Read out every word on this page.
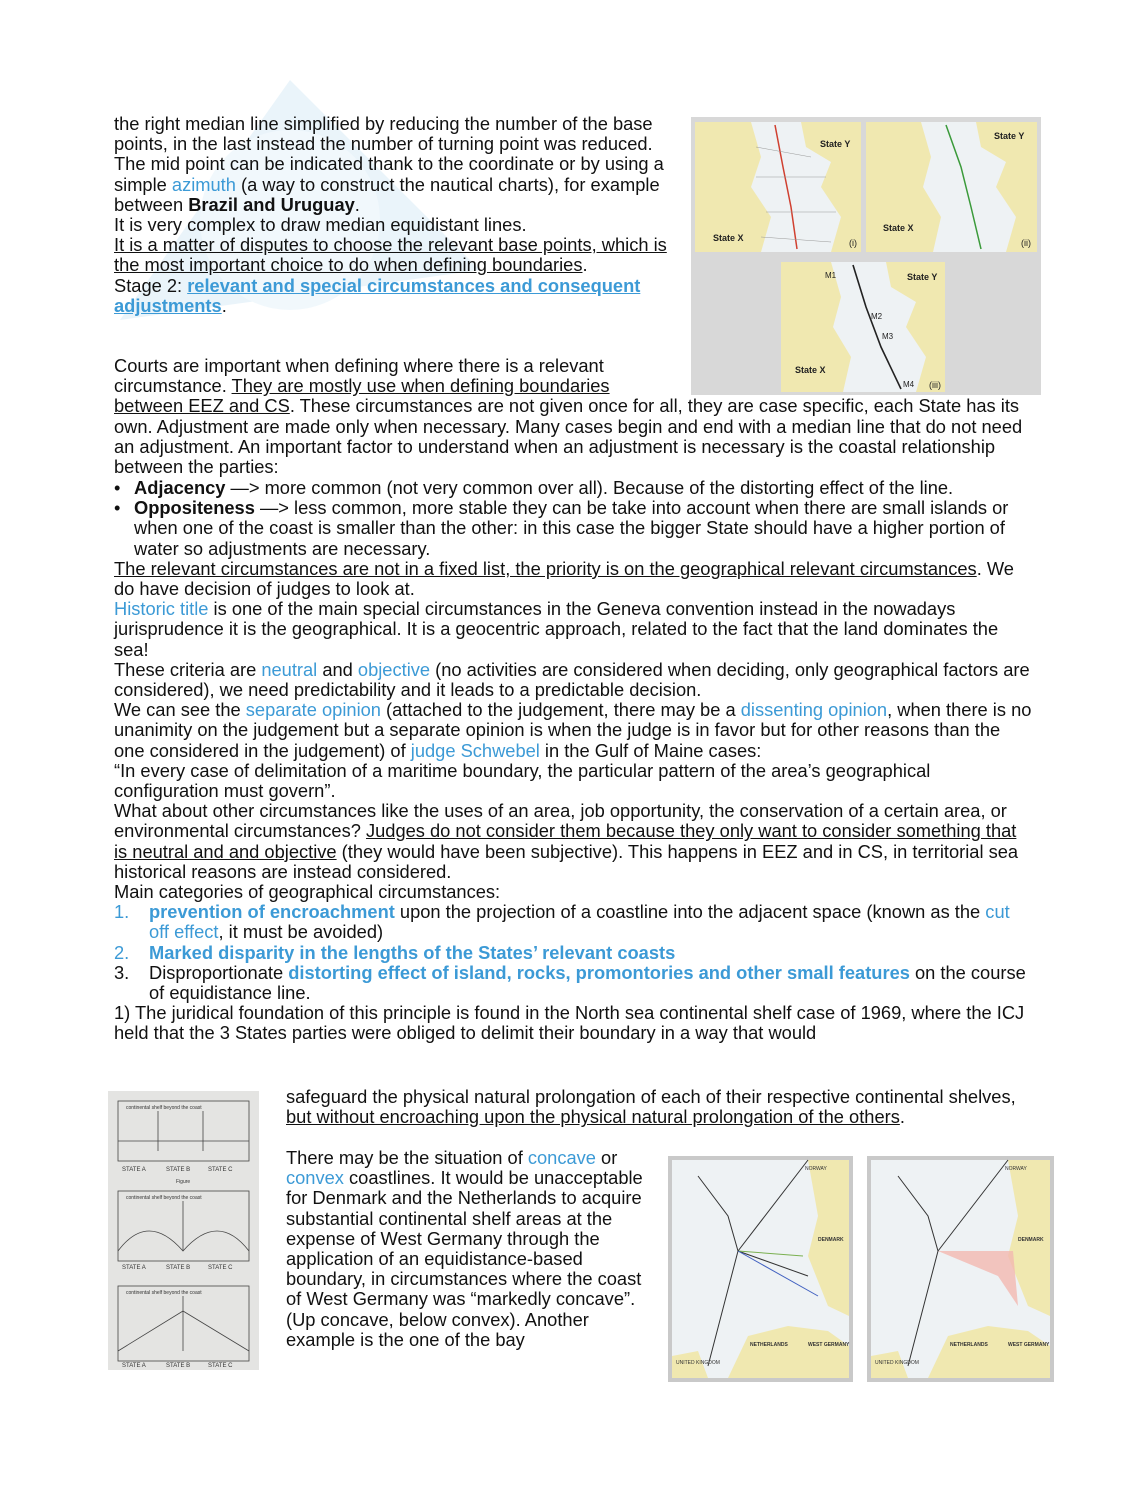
State Y
State X	(i)
State Y
State X
(ii)
State Y
State X
M1
M2
M3
M4 (iii)
continental shelf beyond the coast
continental shelf beyond the coast
continental shelf beyond the coast
STATE A	STATE B	STATE C
STATE A	STATE B	STATE C
STATE A	STATE B	STATE C
Figure
NORWAY
DENMARK
NETHERLANDS	WEST GERMANY
UNITED KINGDOM
NORWAY
DENMARK
NETHERLANDS	WEST GERMANY
UNITED KINGDOM
the right median line simplified by reducing the number of the base points, in the last instead the number of turning point was reduced. The mid point can be indicated thank to the coordinate or by using a simple azimuth (a way to construct the nautical charts), for example between Brazil and Uruguay.
It is very complex to draw median equidistant lines.
It is a matter of disputes to choose the relevant base points, which is the most important choice to do when defining boundaries.
Stage 2: relevant and special circumstances and consequent adjustments.
Courts are important when defining where there is a relevant circumstance. They are mostly use when defining boundaries between EEZ and CS. These circumstances are not given once for all, they are case specific, each State has its own. Adjustment are made only when necessary. Many cases begin and end with a median line that do not need an adjustment. An important factor to understand when an adjustment is necessary is the coastal relationship between the parties:
• Adjacency —> more common (not very common over all). Because of the distorting effect of the line.
• Oppositeness —> less common, more stable they can be take into account when there are small islands or when one of the coast is smaller than the other: in this case the bigger State should have a higher portion of water so adjustments are necessary.
The relevant circumstances are not in a fixed list, the priority is on the geographical relevant circumstances. We do have decision of judges to look at.
Historic title is one of the main special circumstances in the Geneva convention instead in the nowadays jurisprudence it is the geographical. It is a geocentric approach, related to the fact that the land dominates the sea!
These criteria are neutral and objective (no activities are considered when deciding, only geographical factors are considered), we need predictability and it leads to a predictable decision.
We can see the separate opinion (attached to the judgement, there may be a dissenting opinion, when there is no unanimity on the judgement but a separate opinion is when the judge is in favor but for other reasons than the one considered in the judgement) of judge Schwebel in the Gulf of Maine cases:
“In every case of delimitation of a maritime boundary, the particular pattern of the area’s geographical configuration must govern”.
What about other circumstances like the uses of an area, job opportunity, the conservation of a certain area, or environmental circumstances? Judges do not consider them because they only want to consider something that is neutral and and objective (they would have been subjective). This happens in EEZ and in CS, in territorial sea historical reasons are instead considered.
Main categories of geographical circumstances:
1. prevention of encroachment upon the projection of a coastline into the adjacent space (known as the cut off effect, it must be avoided)
2. Marked disparity in the lengths of the States’ relevant coasts
3. Disproportionate distorting effect of island, rocks, promontories and other small features on the course of equidistance line.
1) The juridical foundation of this principle is found in the North sea continental shelf case of 1969, where the ICJ held that the 3 States parties were obliged to delimit their boundary in a way that would
safeguard the physical natural prolongation of each of their respective continental shelves, but without encroaching upon the physical natural prolongation of the others.
There may be the situation of concave or convex coastlines. It would be unacceptable for Denmark and the Netherlands to acquire substantial continental shelf areas at the expense of West Germany through the application of an equidistance-based boundary, in circumstances where the coast of West Germany was “markedly concave”. (Up concave, below convex). Another example is the one of the bay
